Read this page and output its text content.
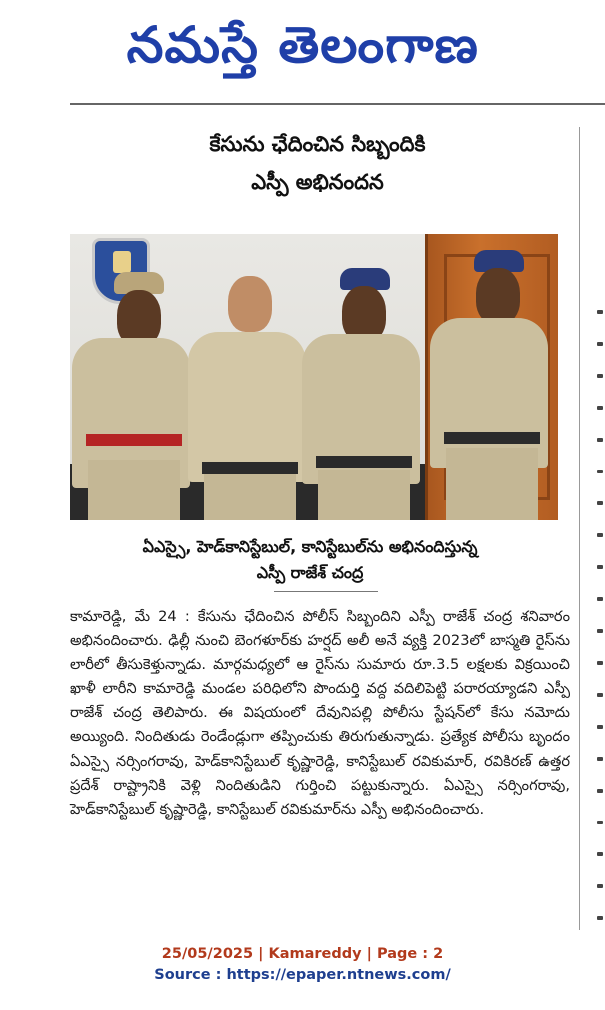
నమస్తే తెలంగాణ
కేసును ఛేదించిన సిబ్బందికి
ఎస్పీ అభినందన
ఏఎస్సై, హెడ్‌కానిస్టేబుల్, కానిస్టేబుల్‌ను అభినందిస్తున్న
ఎస్పీ రాజేశ్ చంద్ర
కామారెడ్డి, మే 24 : కేసును ఛేదించిన పోలీస్ సిబ్బందిని ఎస్పీ రాజేశ్ చంద్ర శనివారం అభినందించారు. ఢిల్లీ నుంచి బెంగళూర్‌కు హర్షద్ అలీ అనే వ్యక్తి 2023లో బాస్మతి రైస్‌ను లారీలో తీసుకెళ్తున్నాడు. మార్గమధ్యలో ఆ రైస్‌ను సుమారు రూ.3.5 లక్షలకు విక్రయించి ఖాళీ లారీని కామారెడ్డి మండల పరిధిలోని పొందుర్తి వద్ద వదిలిపెట్టి పరారయ్యాడని ఎస్పీ రాజేశ్ చంద్ర తెలిపారు. ఈ విషయంలో దేవునిపల్లి పోలీసు స్టేషన్‌లో కేసు నమోదు అయ్యింది. నిందితుడు రెండేండ్లుగా తప్పించుకు తిరుగుతున్నాడు. ప్రత్యేక పోలీసు బృందం ఏఎస్సై నర్సింగరావు, హెడ్‌కానిస్టేబుల్ కృష్ణారెడ్డి, కానిస్టేబుల్ రవికుమార్, రవికిరణ్ ఉత్తర ప్రదేశ్ రాష్ట్రానికి వెళ్లి నిందితుడిని గుర్తించి పట్టుకున్నారు. ఏఎస్సై నర్సింగరావు, హెడ్‌కానిస్టేబుల్ కృష్ణారెడ్డి, కానిస్టేబుల్ రవికుమార్‌ను ఎస్పీ అభినందించారు.
25/05/2025 | Kamareddy | Page : 2
Source : https://epaper.ntnews.com/
